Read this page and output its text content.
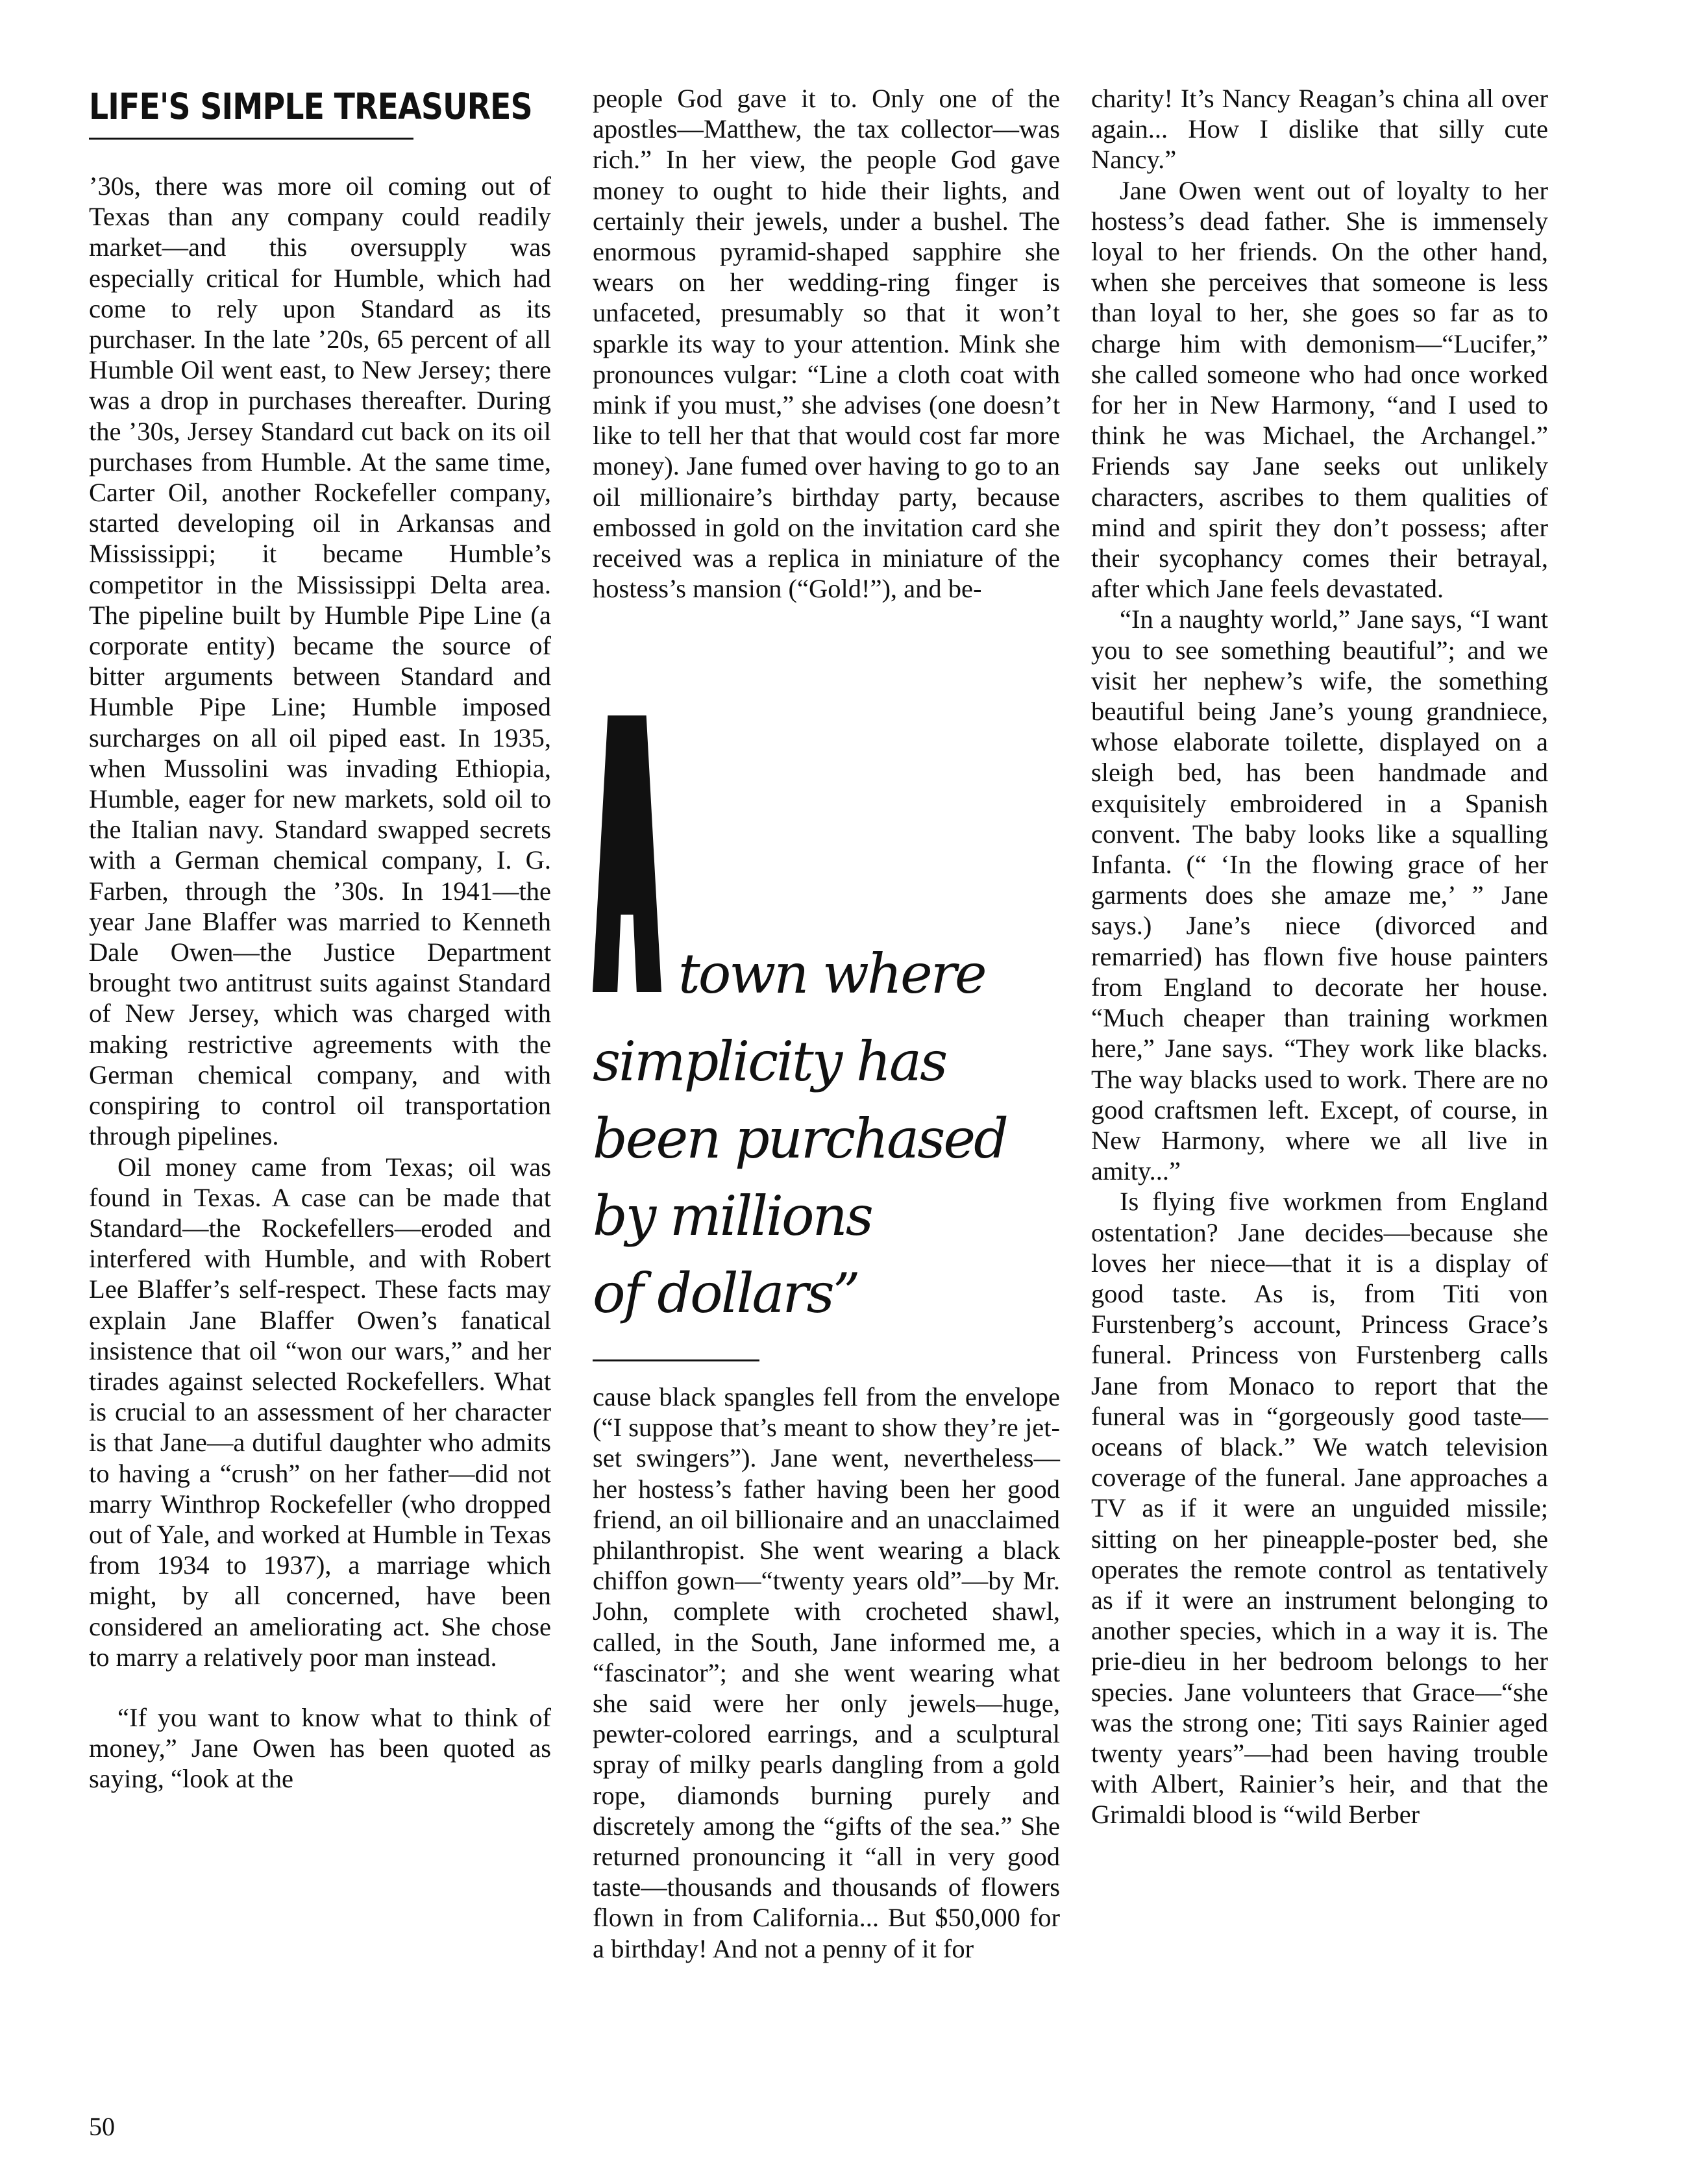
LIFE'S SIMPLE TREASURES

’30s, there was more oil coming out of Texas than any company could readily market—and this oversupply was especially critical for Humble, which had come to rely upon Standard as its purchaser. In the late ’20s, 65 percent of all Humble Oil went east, to New Jersey; there was a drop in purchases thereafter. During the ’30s, Jersey Standard cut back on its oil purchases from Humble. At the same time, Carter Oil, another Rockefeller company, started developing oil in Arkansas and Mississippi; it became Humble’s competitor in the Mississippi Delta area. The pipeline built by Humble Pipe Line (a corporate entity) became the source of bitter arguments between Standard and Humble Pipe Line; Humble imposed surcharges on all oil piped east. In 1935, when Mussolini was invading Ethiopia, Humble, eager for new markets, sold oil to the Italian navy. Standard swapped secrets with a German chemical company, I. G. Farben, through the ’30s. In 1941—the year Jane Blaffer was married to Kenneth Dale Owen—the Justice Department brought two antitrust suits against Standard of New Jersey, which was charged with making restrictive agreements with the German chemical company, and with conspiring to control oil transportation through pipelines.

Oil money came from Texas; oil was found in Texas. A case can be made that Standard—the Rockefellers—eroded and interfered with Humble, and with Robert Lee Blaffer’s self-respect. These facts may explain Jane Blaffer Owen’s fanatical insistence that oil “won our wars,” and her tirades against selected Rockefellers. What is crucial to an assessment of her character is that Jane—a dutiful daughter who admits to having a “crush” on her father—did not marry Winthrop Rockefeller (who dropped out of Yale, and worked at Humble in Texas from 1934 to 1937), a marriage which might, by all concerned, have been considered an ameliorating act. She chose to marry a relatively poor man instead.

“If you want to know what to think of money,” Jane Owen has been quoted as saying, “look at the

people God gave it to. Only one of the apostles—Matthew, the tax collector—was rich.” In her view, the people God gave money to ought to hide their lights, and certainly their jewels, under a bushel. The enormous pyramid-shaped sapphire she wears on her wedding-ring finger is unfaceted, presumably so that it won’t sparkle its way to your attention. Mink she pronounces vulgar: “Line a cloth coat with mink if you must,” she advises (one doesn’t like to tell her that that would cost far more money). Jane fumed over having to go to an oil millionaire’s birthday party, because embossed in gold on the invitation card she received was a replica in miniature of the hostess’s mansion (“Gold!”), and be-

town where
simplicity has
been purchased
by millions
of dollars”

cause black spangles fell from the envelope (“I suppose that’s meant to show they’re jet-set swingers”). Jane went, nevertheless—her hostess’s father having been her good friend, an oil billionaire and an unacclaimed philanthropist. She went wearing a black chiffon gown—“twenty years old”—by Mr. John, complete with crocheted shawl, called, in the South, Jane informed me, a “fascinator”; and she went wearing what she said were her only jewels—huge, pewter-colored earrings, and a sculptural spray of milky pearls dangling from a gold rope, diamonds burning purely and discretely among the “gifts of the sea.” She returned pronouncing it “all in very good taste—thousands and thousands of flowers flown in from California... But $50,000 for a birthday! And not a penny of it for

charity! It’s Nancy Reagan’s china all over again... How I dislike that silly cute Nancy.”

Jane Owen went out of loyalty to her hostess’s dead father. She is immensely loyal to her friends. On the other hand, when she perceives that someone is less than loyal to her, she goes so far as to charge him with demonism—“Lucifer,” she called someone who had once worked for her in New Harmony, “and I used to think he was Michael, the Archangel.” Friends say Jane seeks out unlikely characters, ascribes to them qualities of mind and spirit they don’t possess; after their sycophancy comes their betrayal, after which Jane feels devastated.

“In a naughty world,” Jane says, “I want you to see something beautiful”; and we visit her nephew’s wife, the something beautiful being Jane’s young grandniece, whose elaborate toilette, displayed on a sleigh bed, has been handmade and exquisitely embroidered in a Spanish convent. The baby looks like a squalling Infanta. (“ ‘In the flowing grace of her garments does she amaze me,’ ” Jane says.) Jane’s niece (divorced and remarried) has flown five house painters from England to decorate her house. “Much cheaper than training workmen here,” Jane says. “They work like blacks. The way blacks used to work. There are no good craftsmen left. Except, of course, in New Harmony, where we all live in amity...”

Is flying five workmen from England ostentation? Jane decides—because she loves her niece—that it is a display of good taste. As is, from Titi von Furstenberg’s account, Princess Grace’s funeral. Princess von Furstenberg calls Jane from Monaco to report that the funeral was in “gorgeously good taste—oceans of black.” We watch television coverage of the funeral. Jane approaches a TV as if it were an unguided missile; sitting on her pineapple-poster bed, she operates the remote control as tentatively as if it were an instrument belonging to another species, which in a way it is. The prie-dieu in her bedroom belongs to her species. Jane volunteers that Grace—“she was the strong one; Titi says Rainier aged twenty years”—had been having trouble with Albert, Rainier’s heir, and that the Grimaldi blood is “wild Berber

50
